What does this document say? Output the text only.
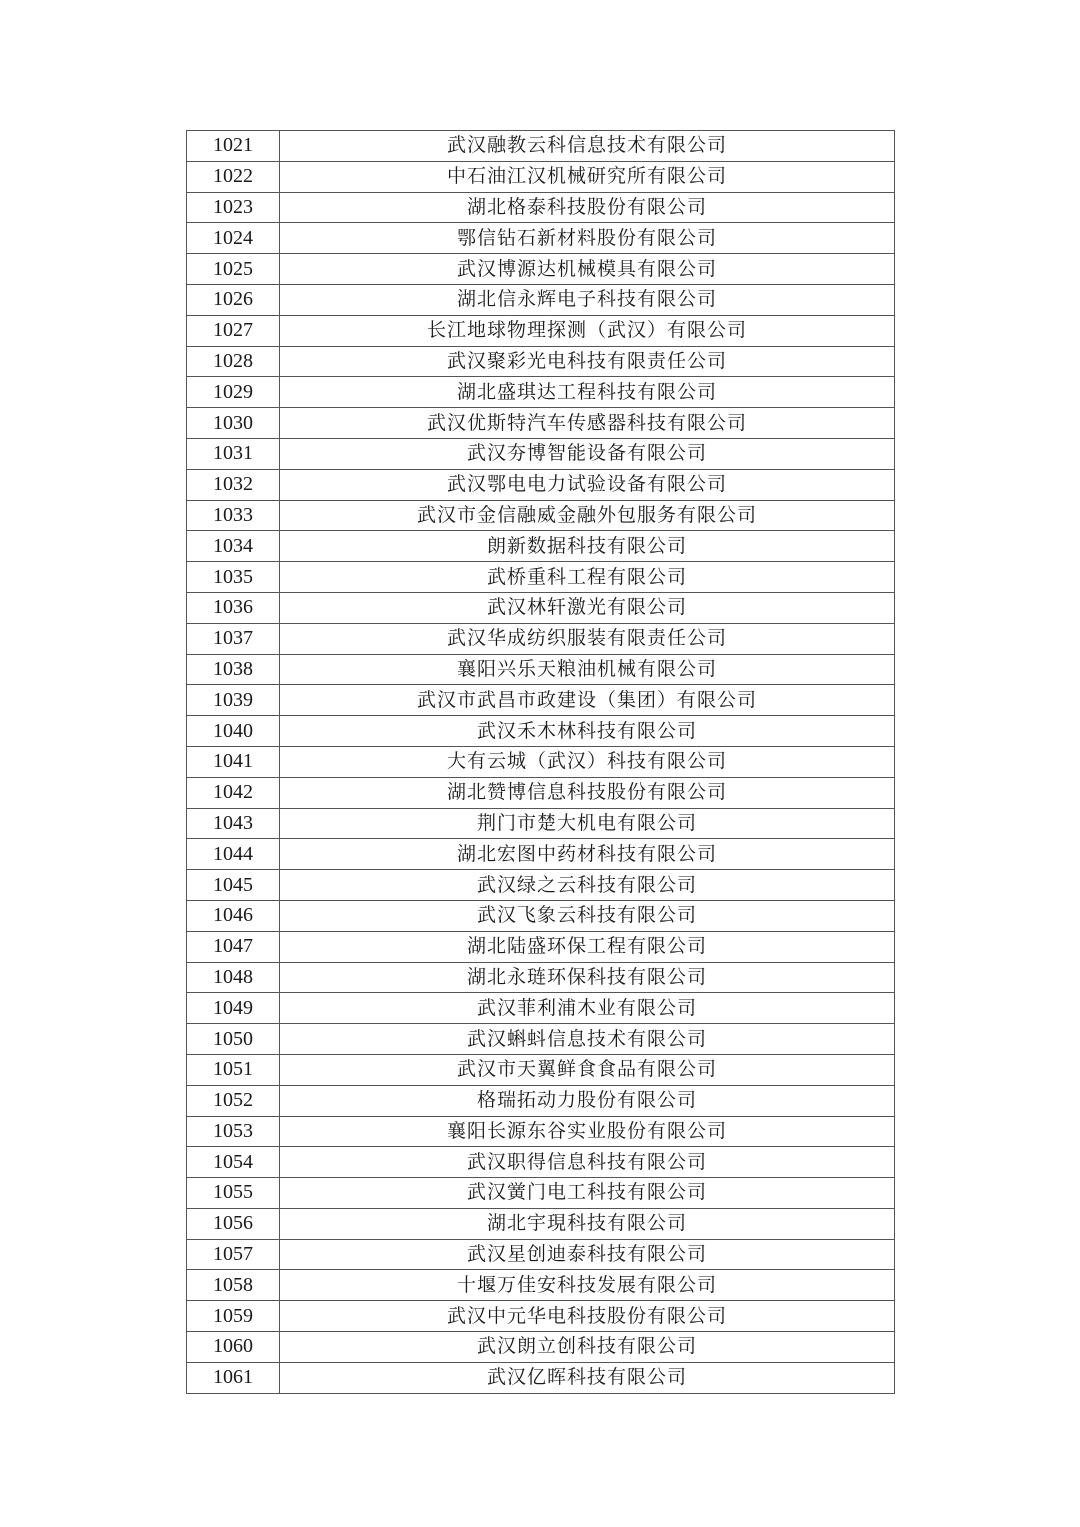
1021	武汉融教云科信息技术有限公司
1022	中石油江汉机械研究所有限公司
1023	湖北格泰科技股份有限公司
1024	鄂信钻石新材料股份有限公司
1025	武汉博源达机械模具有限公司
1026	湖北信永辉电子科技有限公司
1027	长江地球物理探测（武汉）有限公司
1028	武汉聚彩光电科技有限责任公司
1029	湖北盛琪达工程科技有限公司
1030	武汉优斯特汽车传感器科技有限公司
1031	武汉夯博智能设备有限公司
1032	武汉鄂电电力试验设备有限公司
1033	武汉市金信融威金融外包服务有限公司
1034	朗新数据科技有限公司
1035	武桥重科工程有限公司
1036	武汉林轩激光有限公司
1037	武汉华成纺织服装有限责任公司
1038	襄阳兴乐天粮油机械有限公司
1039	武汉市武昌市政建设（集团）有限公司
1040	武汉禾木林科技有限公司
1041	大有云城（武汉）科技有限公司
1042	湖北赞博信息科技股份有限公司
1043	荆门市楚大机电有限公司
1044	湖北宏图中药材科技有限公司
1045	武汉绿之云科技有限公司
1046	武汉飞象云科技有限公司
1047	湖北陆盛环保工程有限公司
1048	湖北永琏环保科技有限公司
1049	武汉菲利浦木业有限公司
1050	武汉蝌蚪信息技术有限公司
1051	武汉市天翼鲜食食品有限公司
1052	格瑞拓动力股份有限公司
1053	襄阳长源东谷实业股份有限公司
1054	武汉职得信息科技有限公司
1055	武汉黉门电工科技有限公司
1056	湖北宇現科技有限公司
1057	武汉星创迪泰科技有限公司
1058	十堰万佳安科技发展有限公司
1059	武汉中元华电科技股份有限公司
1060	武汉朗立创科技有限公司
1061	武汉亿晖科技有限公司
